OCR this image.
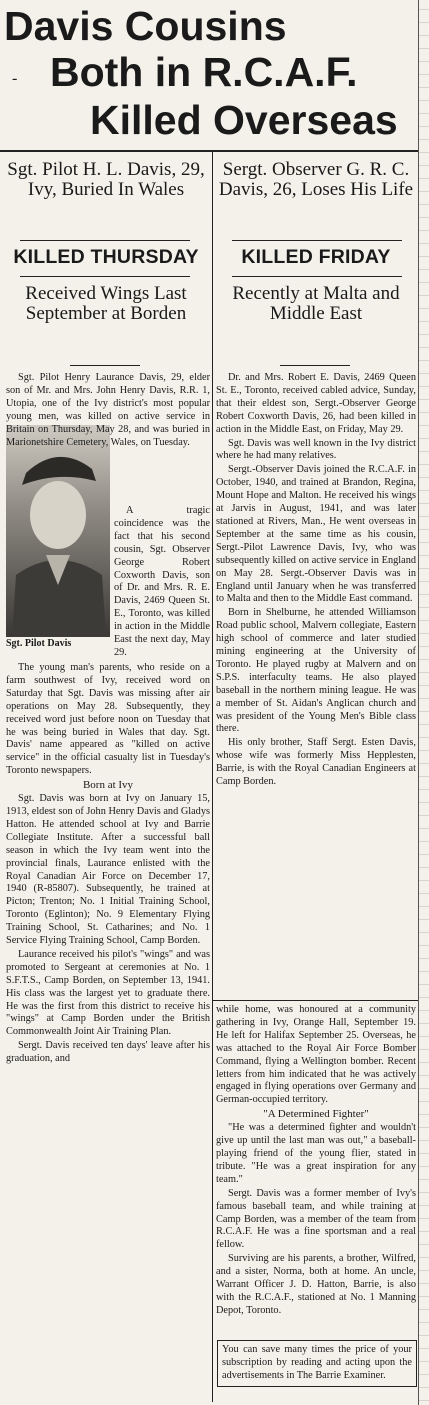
Davis Cousins
- Both in R.C.A.F.
Killed Overseas
Sgt. Pilot H. L. Davis, 29, Ivy, Buried In Wales
KILLED THURSDAY
Received Wings Last September at Borden
Sgt. Pilot Davis

Sgt. Pilot Henry Laurance Davis, 29, elder son of Mr. and Mrs. John Henry Davis, R.R. 1, Utopia, one of the Ivy district's most popular young men, was killed on active service in Britain on Thursday, May 28, and was buried in Marionetshire Cemetery, Wales, on Tuesday.

A tragic coincidence was the fact that his second cousin, Sgt. Observer George Robert Coxworth Davis, son of Dr. and Mrs. R. E. Davis, 2469 Queen St. E., Toronto, was killed in action in the Middle East the next day, May 29.

The young man's parents, who reside on a farm southwest of Ivy, received word on Saturday that Sgt. Davis was missing after air operations on May 28. Subsequently, they received word just before noon on Tuesday that he was being buried in Wales that day. Sgt. Davis' name appeared as "killed on active service" in the official casualty list in Tuesday's Toronto newspapers.

Born at Ivy

Sgt. Davis was born at Ivy on January 15, 1913, eldest son of John Henry Davis and Gladys Hatton. He attended school at Ivy and Barrie Collegiate Institute. After a successful ball season in which the Ivy team went into the provincial finals, Laurance enlisted with the Royal Canadian Air Force on December 17, 1940 (R-85807). Subsequently, he trained at Picton; Trenton; No. 1 Initial Training School, Toronto (Eglinton); No. 9 Elementary Flying Training School, St. Catharines; and No. 1 Service Flying Training School, Camp Borden.

Laurance received his pilot's "wings" and was promoted to Sergeant at ceremonies at No. 1 S.F.T.S., Camp Borden, on September 13, 1941. His class was the largest yet to graduate there. He was the first from this district to receive his "wings" at Camp Borden under the British Commonwealth Joint Air Training Plan.

Sergt. Davis received ten days' leave after his graduation, and

Sergt. Observer G. R. C. Davis, 26, Loses His Life
KILLED FRIDAY
Recently at Malta and Middle East

Dr. and Mrs. Robert E. Davis, 2469 Queen St. E., Toronto, received cabled advice, Sunday, that their eldest son, Sergt.-Observer George Robert Coxworth Davis, 26, had been killed in action in the Middle East, on Friday, May 29.

Sgt. Davis was well known in the Ivy district where he had many relatives.

Sergt.-Observer Davis joined the R.C.A.F. in October, 1940, and trained at Brandon, Regina, Mount Hope and Malton. He received his wings at Jarvis in August, 1941, and was later stationed at Rivers, Man., He went overseas in September at the same time as his cousin, Sergt.-Pilot Lawrence Davis, Ivy, who was subsequently killed on active service in England on May 28. Sergt.-Observer Davis was in England until January when he was transferred to Malta and then to the Middle East command.

Born in Shelburne, he attended Williamson Road public school, Malvern collegiate, Eastern high school of commerce and later studied mining engineering at the University of Toronto. He played rugby at Malvern and on S.P.S. interfaculty teams. He also played baseball in the northern mining league. He was a member of St. Aidan's Anglican church and was president of the Young Men's Bible class there.

His only brother, Staff Sergt. Esten Davis, whose wife was formerly Miss Hepplesten, Barrie, is with the Royal Canadian Engineers at Camp Borden.

while home, was honoured at a community gathering in Ivy, Orange Hall, September 19. He left for Halifax September 25. Overseas, he was attached to the Royal Air Force Bomber Command, flying a Wellington bomber. Recent letters from him indicated that he was actively engaged in flying operations over Germany and German-occupied territory.

"A Determined Fighter"

"He was a determined fighter and wouldn't give up until the last man was out," a baseball-playing friend of the young flier, stated in tribute. "He was a great inspiration for any team."

Sergt. Davis was a former member of Ivy's famous baseball team, and while training at Camp Borden, was a member of the team from R.C.A.F. He was a fine sportsman and a real fellow.

Surviving are his parents, a brother, Wilfred, and a sister, Norma, both at home. An uncle, Warrant Officer J. D. Hatton, Barrie, is also with the R.C.A.F., stationed at No. 1 Manning Depot, Toronto.

You can save many times the price of your subscription by reading and acting upon the advertisements in The Barrie Examiner.
